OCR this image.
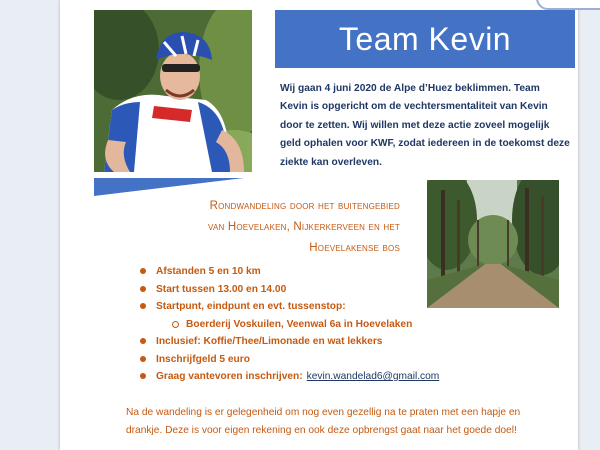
Team Kevin
Wij gaan 4 juni 2020 de Alpe d’Huez beklimmen. Team Kevin is opgericht om de vechtersmentaliteit van Kevin door te zetten. Wij willen met deze actie zoveel mogelijk geld ophalen voor KWF, zodat iedereen in de toekomst deze ziekte kan overleven.
Rondwandeling door het buitengebied
van Hoevelaken, Nijkerkerveen en het
Hoevelakense bos
Afstanden 5 en 10 km
Start tussen 13.00 en 14.00
Startpunt, eindpunt en evt. tussenstop:
Boerderij Voskuilen, Veenwal 6a in Hoevelaken
Inclusief: Koffie/Thee/Limonade en wat lekkers
Inschrijfgeld 5 euro
Graag vantevoren inschrijven: kevin.wandelad6@gmail.com
Na de wandeling is er gelegenheid om nog even gezellig na te praten met een hapje en drankje. Deze is voor eigen rekening en ook deze opbrengst gaat naar het goede doel!
